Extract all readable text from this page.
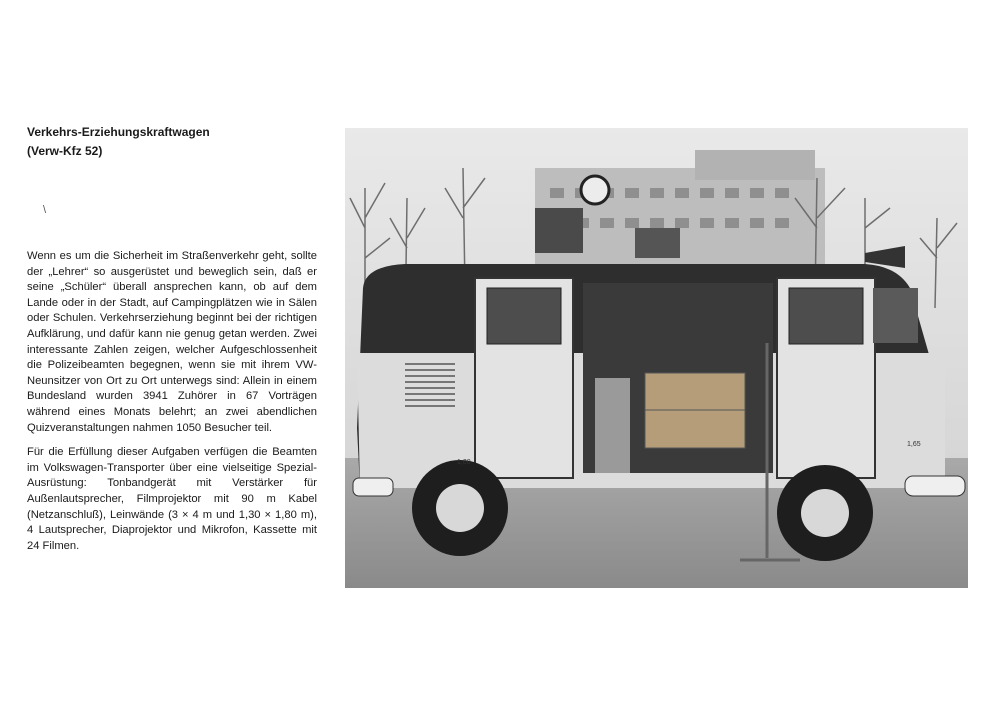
Verkehrs-Erziehungskraftwagen
(Verw-Kfz 52)
\

Wenn es um die Sicherheit im Straßenverkehr geht, sollte der „Lehrer“ so ausgerüstet und beweglich sein, daß er seine „Schüler“ überall ansprechen kann, ob auf dem Lande oder in der Stadt, auf Campingplätzen wie in Sälen oder Schulen. Verkehrserziehung beginnt bei der richtigen Aufklärung, und dafür kann nie genug getan werden. Zwei interessante Zahlen zeigen, welcher Aufgeschlossenheit die Polizeibeamten begegnen, wenn sie mit ihrem VW-Neunsitzer von Ort zu Ort unterwegs sind: Allein in einem Bundesland wurden 3941 Zuhörer in 67 Vorträgen während eines Monats belehrt; an zwei abendlichen Quizveranstaltungen nahmen 1050 Besucher teil.

Für die Erfüllung dieser Aufgaben verfügen die Beamten im Volkswagen-Transporter über eine vielseitige Spezial-Ausrüstung: Tonbandgerät mit Verstärker für Außenlautsprecher, Filmprojektor mit 90 m Kabel (Netzanschluß), Leinwände (3 × 4 m und 1,30 × 1,80 m), 4 Lautsprecher, Diaprojektor und Mikrofon, Kassette mit 24 Filmen.

1,00
1,65
